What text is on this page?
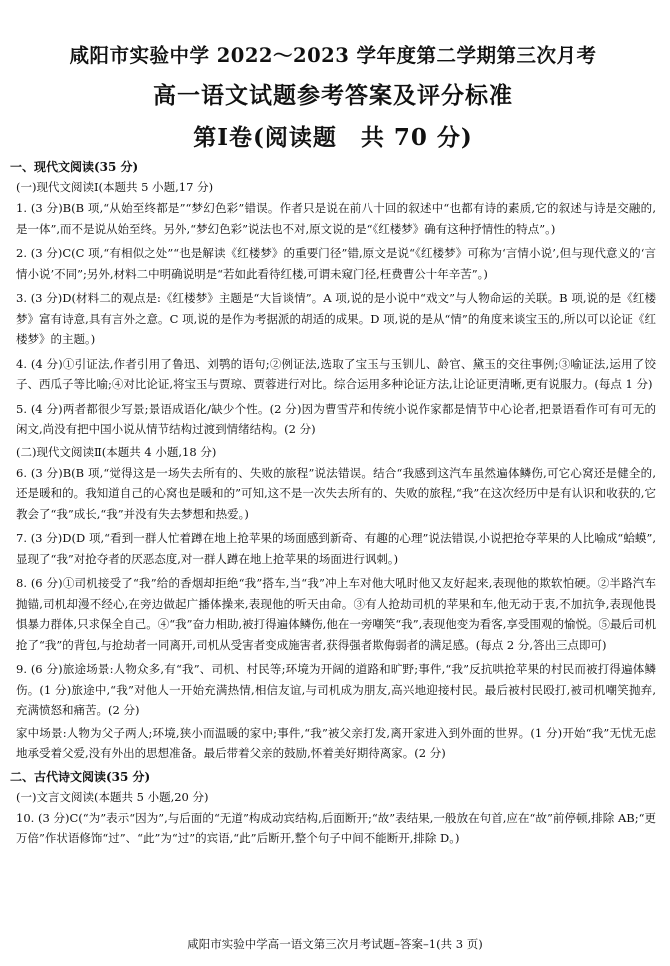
咸阳市实验中学 2022～2023 学年度第二学期第三次月考
高一语文试题参考答案及评分标准
第Ⅰ卷(阅读题　共 70 分)
一、现代文阅读(35 分)
(一)现代文阅读Ⅰ(本题共 5 小题,17 分)
1. (3 分)B(B 项,“从始至终都是”“梦幻色彩”错误。作者只是说在前八十回的叙述中“也都有诗的素质,它的叙述与诗是交融的,是一体”,而不是说从始至终。另外,“梦幻色彩”说法也不对,原文说的是“《红楼梦》确有这种抒情性的特点”。)
2. (3 分)C(C 项,“有相似之处”“也是解读《红楼梦》的重要门径”错,原文是说“《红楼梦》可称为‘言情小说’,但与现代意义的‘言情小说’不同”;另外,材料二中明确说明是“若如此看待红楼,可谓未窥门径,枉费曹公十年辛苦”。)
3. (3 分)D(材料二的观点是:《红楼梦》主题是“大旨谈情”。A 项,说的是小说中“戏文”与人物命运的关联。B 项,说的是《红楼梦》富有诗意,具有言外之意。C 项,说的是作为考据派的胡适的成果。D 项,说的是从“情”的角度来谈宝玉的,所以可以论证《红楼梦》的主题。)
4. (4 分)①引证法,作者引用了鲁迅、刘鹗的语句;②例证法,选取了宝玉与玉钏儿、龄官、黛玉的交往事例;③喻证法,运用了饺子、西瓜子等比喻;④对比论证,将宝玉与贾琼、贾蓉进行对比。综合运用多种论证方法,让论证更清晰,更有说服力。(每点 1 分)
5. (4 分)两者都很少写景;景语成语化/缺少个性。(2 分)因为曹雪芹和传统小说作家都是情节中心论者,把景语看作可有可无的闲文,尚没有把中国小说从情节结构过渡到情绪结构。(2 分)
(二)现代文阅读Ⅱ(本题共 4 小题,18 分)
6. (3 分)B(B 项,“觉得这是一场失去所有的、失败的旅程”说法错误。结合“我感到这汽车虽然遍体鳞伤,可它心窝还是健全的,还是暖和的。我知道自己的心窝也是暖和的”可知,这不是一次失去所有的、失败的旅程,“我”在这次经历中是有认识和收获的,它教会了“我”成长,“我”并没有失去梦想和热爱。)
7. (3 分)D(D 项,“看到一群人忙着蹲在地上抢苹果的场面感到新奇、有趣的心理”说法错误,小说把抢夺苹果的人比喻成“蛤蟆”,显现了“我”对抢夺者的厌恶态度,对一群人蹲在地上抢苹果的场面进行讽刺。)
8. (6 分)①司机接受了“我”给的香烟却拒绝“我”搭车,当“我”冲上车对他大吼时他又友好起来,表现他的欺软怕硬。②半路汽车抛锚,司机却漫不经心,在旁边做起广播体操来,表现他的听天由命。③有人抢劫司机的苹果和车,他无动于衷,不加抗争,表现他畏惧暴力群体,只求保全自己。④“我”奋力相助,被打得遍体鳞伤,他在一旁嘲笑“我”,表现他变为看客,享受围观的愉悦。⑤最后司机抢了“我”的背包,与抢劫者一同离开,司机从受害者变成施害者,获得强者欺侮弱者的满足感。(每点 2 分,答出三点即可)
9. (6 分)旅途场景:人物众多,有“我”、司机、村民等;环境为开阔的道路和旷野;事件,“我”反抗哄抢苹果的村民而被打得遍体鳞伤。(1 分)旅途中,“我”对他人一开始充满热情,相信友谊,与司机成为朋友,高兴地迎接村民。最后被村民殴打,被司机嘲笑抛弃,充满愤怒和痛苦。(2 分)
家中场景:人物为父子两人;环境,狭小而温暖的家中;事件,“我”被父亲打发,离开家进入到外面的世界。(1 分)开始“我”无忧无虑地承受着父爱,没有外出的思想准备。最后带着父亲的鼓励,怀着美好期待离家。(2 分)
二、古代诗文阅读(35 分)
(一)文言文阅读(本题共 5 小题,20 分)
10. (3 分)C(“为”表示“因为”,与后面的“无道”构成动宾结构,后面断开;“故”表结果,一般放在句首,应在“故”前停顿,排除 AB;“更万倍”作状语修饰“过”、“此”为“过”的宾语,“此”后断开,整个句子中间不能断开,排除 D。)
咸阳市实验中学高一语文第三次月考试题–答案–1(共 3 页)
